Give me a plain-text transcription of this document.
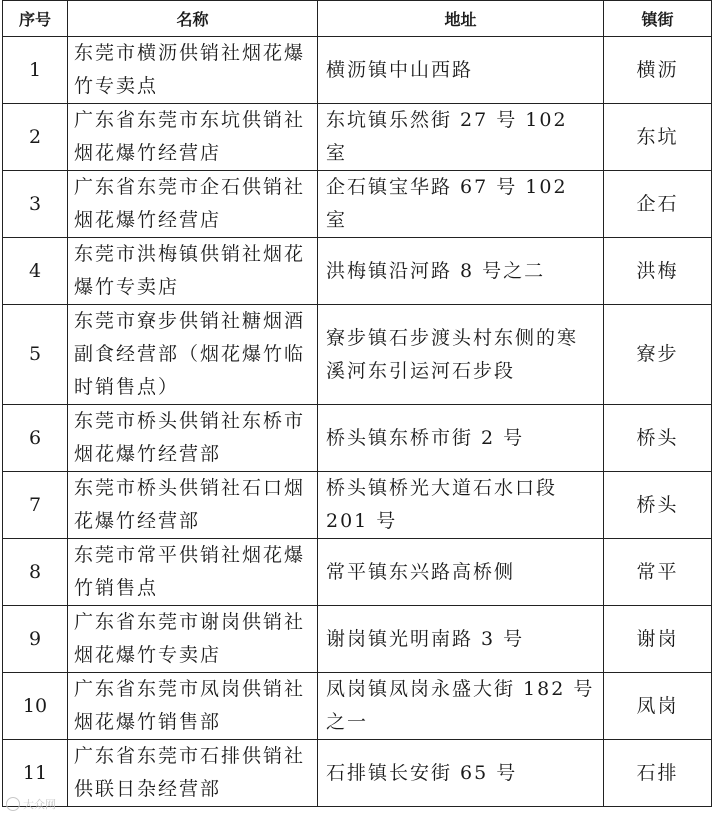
序号	名称	地址	镇街
1	东莞市横沥供销社烟花爆竹专卖点	横沥镇中山西路	横沥
2	广东省东莞市东坑供销社烟花爆竹经营店	东坑镇乐然街 27 号 102 室	东坑
3	广东省东莞市企石供销社烟花爆竹经营店	企石镇宝华路 67 号 102 室	企石
4	东莞市洪梅镇供销社烟花爆竹专卖店	洪梅镇沿河路 8 号之二	洪梅
5	东莞市寮步供销社糖烟酒副食经营部（烟花爆竹临时销售点）	寮步镇石步渡头村东侧的寒溪河东引运河石步段	寮步
6	东莞市桥头供销社东桥市烟花爆竹经营部	桥头镇东桥市街 2 号	桥头
7	东莞市桥头供销社石口烟花爆竹经营部	桥头镇桥光大道石水口段 201 号	桥头
8	东莞市常平供销社烟花爆竹销售点	常平镇东兴路高桥侧	常平
9	广东省东莞市谢岗供销社烟花爆竹专卖店	谢岗镇光明南路 3 号	谢岗
10	广东省东莞市凤岗供销社烟花爆竹销售部	凤岗镇凤岗永盛大街 182 号之一	凤岗
11	广东省东莞市石排供销社供联日杂经营部	石排镇长安街 65 号	石排
大众网
